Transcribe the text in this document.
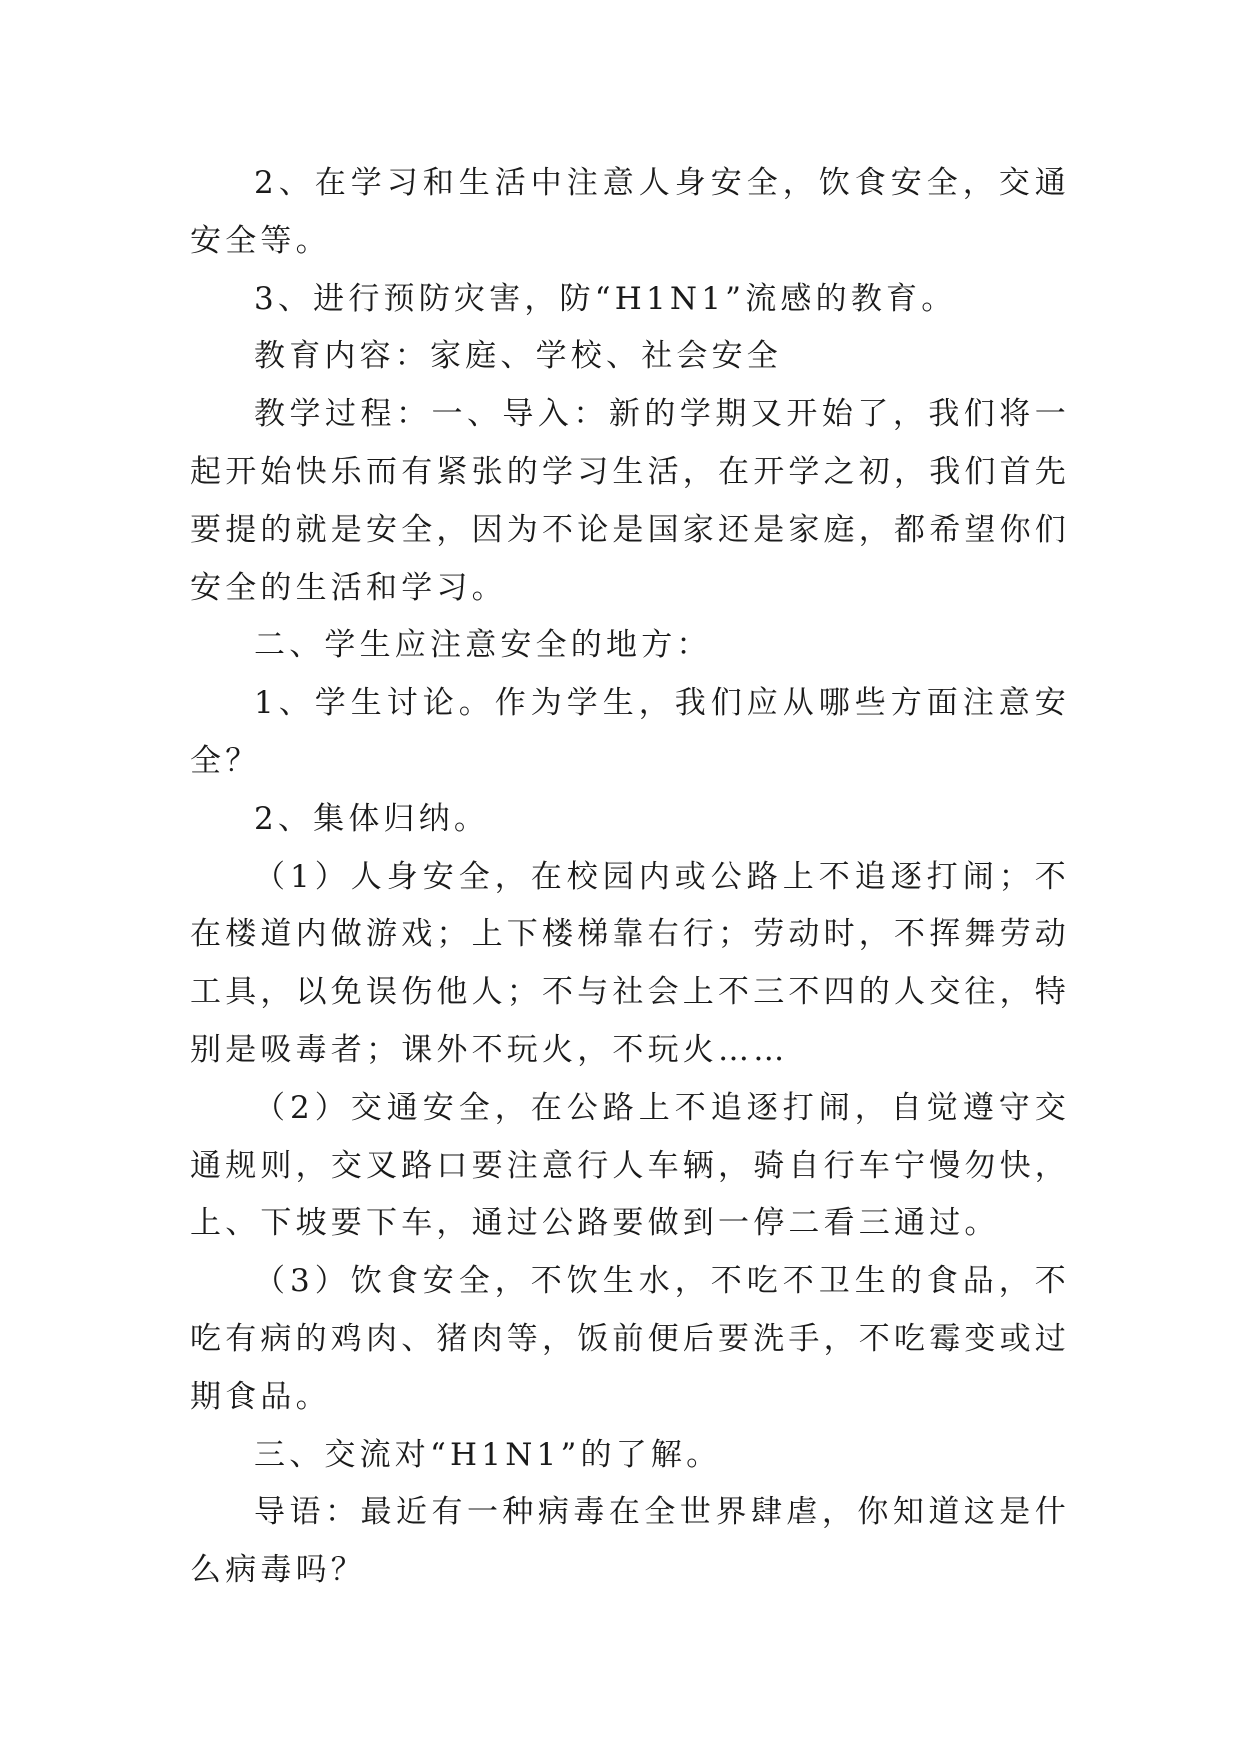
2、在学习和生活中注意人身安全，饮食安全，交通安全等。

3、进行预防灾害，防“H1N1”流感的教育。

教育内容：家庭、学校、社会安全

教学过程：一、导入：新的学期又开始了，我们将一起开始快乐而有紧张的学习生活，在开学之初，我们首先要提的就是安全，因为不论是国家还是家庭，都希望你们安全的生活和学习。

二、学生应注意安全的地方：

1、学生讨论。作为学生，我们应从哪些方面注意安全？

2、集体归纳。

（1）人身安全，在校园内或公路上不追逐打闹；不在楼道内做游戏；上下楼梯靠右行；劳动时，不挥舞劳动工具，以免误伤他人；不与社会上不三不四的人交往，特别是吸毒者；课外不玩火，不玩火……

（2）交通安全，在公路上不追逐打闹，自觉遵守交通规则，交叉路口要注意行人车辆，骑自行车宁慢勿快，上、下坡要下车，通过公路要做到一停二看三通过。

（3）饮食安全，不饮生水，不吃不卫生的食品，不吃有病的鸡肉、猪肉等，饭前便后要洗手，不吃霉变或过期食品。

三、交流对“H1N1”的了解。

导语：最近有一种病毒在全世界肆虐，你知道这是什么病毒吗？
